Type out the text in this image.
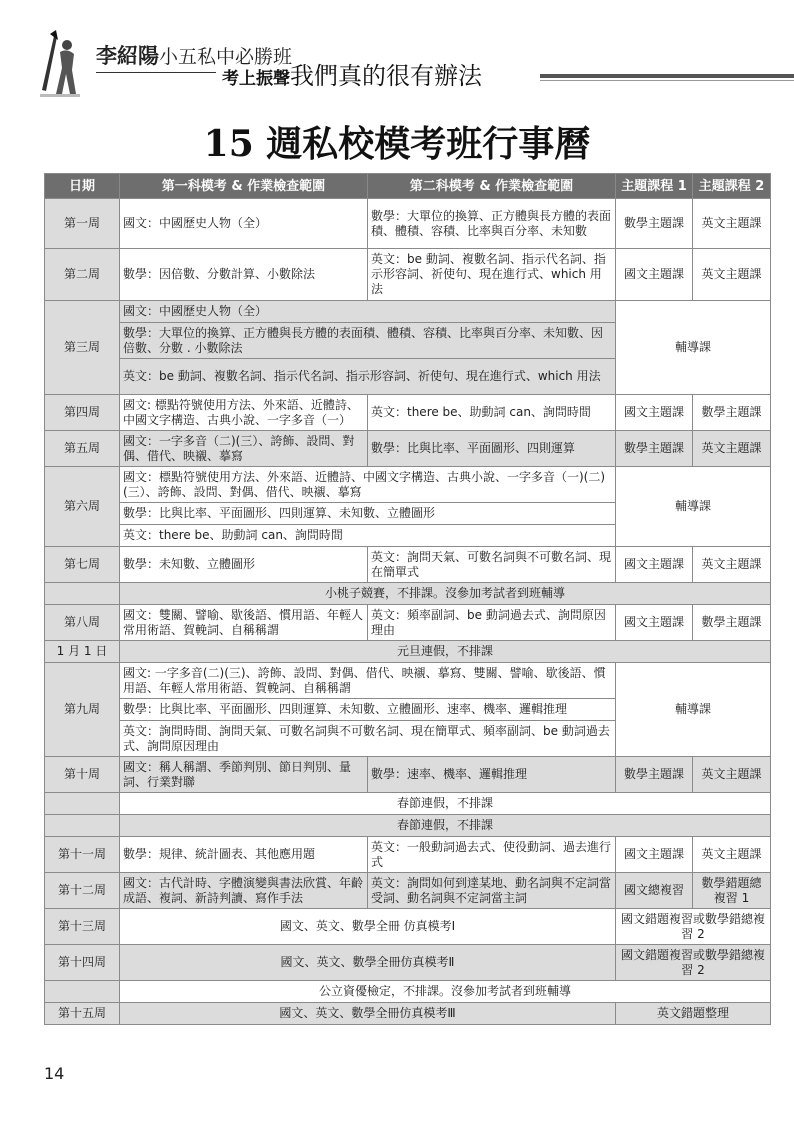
李紹陽小五私中必勝班
考上振聲我們真的很有辦法
15 週私校模考班行事曆
日期	第一科模考 & 作業檢查範圍	第二科模考 & 作業檢查範圍	主題課程 1	主題課程 2
第一周	國文：中國歷史人物（全）	數學：大單位的換算、正方體與長方體的表面積、體積、容積、比率與百分率、未知數	數學主題課	英文主題課
第二周	數學：因倍數、分數計算、小數除法	英文：be 動詞、複數名詞、指示代名詞、指示形容詞、祈使句、現在進行式、which 用法	國文主題課	英文主題課
第三周	國文：中國歷史人物（全）		輔導課	
	數學：大單位的換算、正方體與長方體的表面積、體積、容積、比率與百分率、未知數、因倍數、分數 . 小數除法			
	英文：be 動詞、複數名詞、指示代名詞、指示形容詞、祈使句、現在進行式、which 用法			
第四周	國文: 標點符號使用方法、外來語、近體詩、中國文字構造、古典小說、一字多音（一）	英文：there be、助動詞 can、詢問時間	國文主題課	數學主題課
第五周	國文：一字多音（二)(三）、誇飾、設問、對偶、借代、映襯、摹寫	數學：比與比率、平面圖形、四則運算	數學主題課	英文主題課
第六周	國文：標點符號使用方法、外來語、近體詩、中國文字構造、古典小說、一字多音（一)(二)(三）、誇飾、設問、對偶、借代、映襯、摹寫		輔導課	
	數學：比與比率、平面圖形、四則運算、未知數、立體圖形			
	英文：there be、助動詞 can、詢問時間			
第七周	數學：未知數、立體圖形	英文：詢問天氣、可數名詞與不可數名詞、現在簡單式	國文主題課	英文主題課
	小桃子競賽，不排課。沒參加考試者到班輔導			
第八周	國文：雙關、譬喻、歇後語、慣用語、年輕人常用術語、賀輓詞、自稱稱謂	英文：頻率副詞、be 動詞過去式、詢問原因理由	國文主題課	數學主題課
1 月 1 日	元旦連假，不排課			
第九周	國文: 一字多音(二)(三)、誇飾、設問、對偶、借代、映襯、摹寫、雙關、譬喻、歇後語、慣用語、年輕人常用術語、賀輓詞、自稱稱謂		輔導課	
	數學：比與比率、平面圖形、四則運算、未知數、立體圖形、速率、機率、邏輯推理			
	英文：詢問時間、詢問天氣、可數名詞與不可數名詞、現在簡單式、頻率副詞、be 動詞過去式、詢問原因理由			
第十周	國文：稱人稱謂、季節判別、節日判別、量詞、行業對聯	數學：速率、機率、邏輯推理	數學主題課	英文主題課
	春節連假，不排課			
	春節連假，不排課			
第十一周	數學：規律、統計圖表、其他應用題	英文：一般動詞過去式、使役動詞、過去進行式	國文主題課	英文主題課
第十二周	國文：古代計時、字體演變與書法欣賞、年齡成語、複詞、新詩判讀、寫作手法	英文：詢問如何到達某地、動名詞與不定詞當受詞、動名詞與不定詞當主詞	國文總複習	數學錯題總複習 1
第十三周	國文、英文、數學全冊 仿真模考Ⅰ		國文錯題複習或數學錯總複習 2	
第十四周	國文、英文、數學全冊仿真模考Ⅱ		國文錯題複習或數學錯總複習 2	
	公立資優檢定，不排課。沒參加考試者到班輔導			
第十五周	國文、英文、數學全冊仿真模考Ⅲ		英文錯題整理	
14
